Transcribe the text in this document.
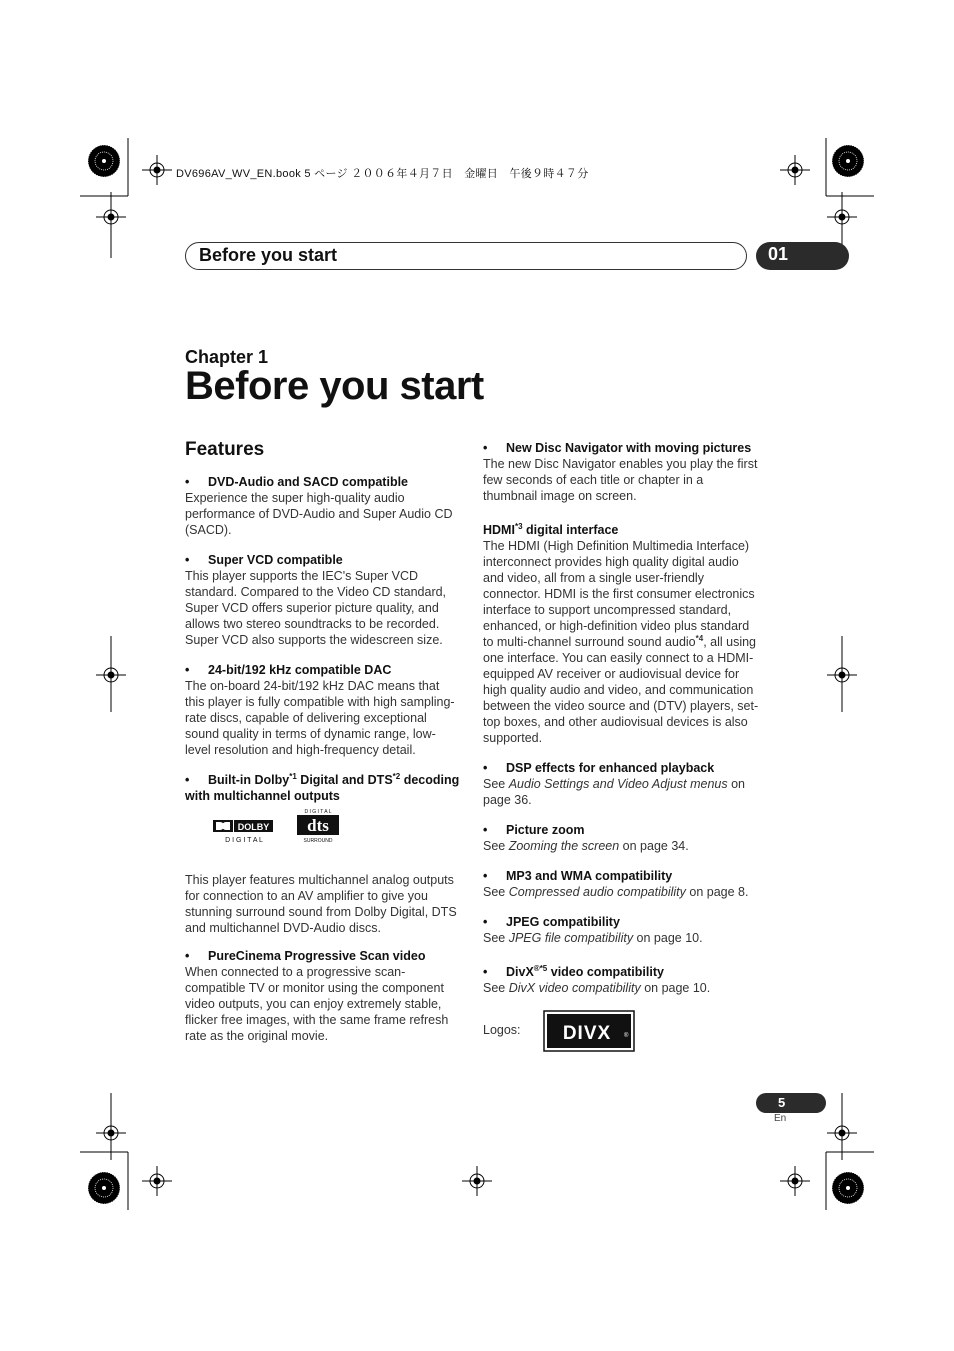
DV696AV_WV_EN.book 5 ページ ２００６年４月７日　金曜日　午後９時４７分
Before you start	01
Chapter 1
Before you start
Features
• DVD-Audio and SACD compatible

Experience the super high-quality audio performance of DVD-Audio and Super Audio CD (SACD).

• Super VCD compatible

This player supports the IEC's Super VCD standard. Compared to the Video CD standard, Super VCD offers superior picture quality, and allows two stereo soundtracks to be recorded. Super VCD also supports the widescreen size.

• 24-bit/192 kHz compatible DAC

The on-board 24-bit/192 kHz DAC means that this player is fully compatible with high sampling-rate discs, capable of delivering exceptional sound quality in terms of dynamic range, low-level resolution and high-frequency detail.

• Built-in Dolby$^{*1}$ Digital and DTS$^{*2}$ decoding with multichannel outputs
DOLBY
D I G I T A L
D I G I T A L
dts
SURROUND

This player features multichannel analog outputs for connection to an AV amplifier to give you stunning surround sound from Dolby Digital, DTS and multichannel DVD-Audio discs.

• PureCinema Progressive Scan video

When connected to a progressive scan-compatible TV or monitor using the component video outputs, you can enjoy extremely stable, flicker free images, with the same frame refresh rate as the original movie.

• New Disc Navigator with moving pictures

The new Disc Navigator enables you play the first few seconds of each title or chapter in a thumbnail image on screen.

HDMI$^{*3}$ digital interface

The HDMI (High Definition Multimedia Interface) interconnect provides high quality digital audio and video, all from a single user-friendly connector. HDMI is the first consumer electronics interface to support uncompressed standard, enhanced, or high-definition video plus standard to multi-channel surround sound audio$^{*4}$, all using one interface. You can easily connect to a HDMI-equipped AV receiver or audiovisual device for high quality audio and video, and communication between the video source and (DTV) players, set-top boxes, and other audiovisual devices is also supported.

• DSP effects for enhanced playback

See Audio Settings and Video Adjust menus on page 36.

• Picture zoom

See Zooming the screen on page 34.

• MP3 and WMA compatibility

See Compressed audio compatibility on page 8.

• JPEG compatibility

See JPEG file compatibility on page 10.

• DivX$^{®*5}$ video compatibility

See DivX video compatibility on page 10.

Logos: DIVX ®
5
En
